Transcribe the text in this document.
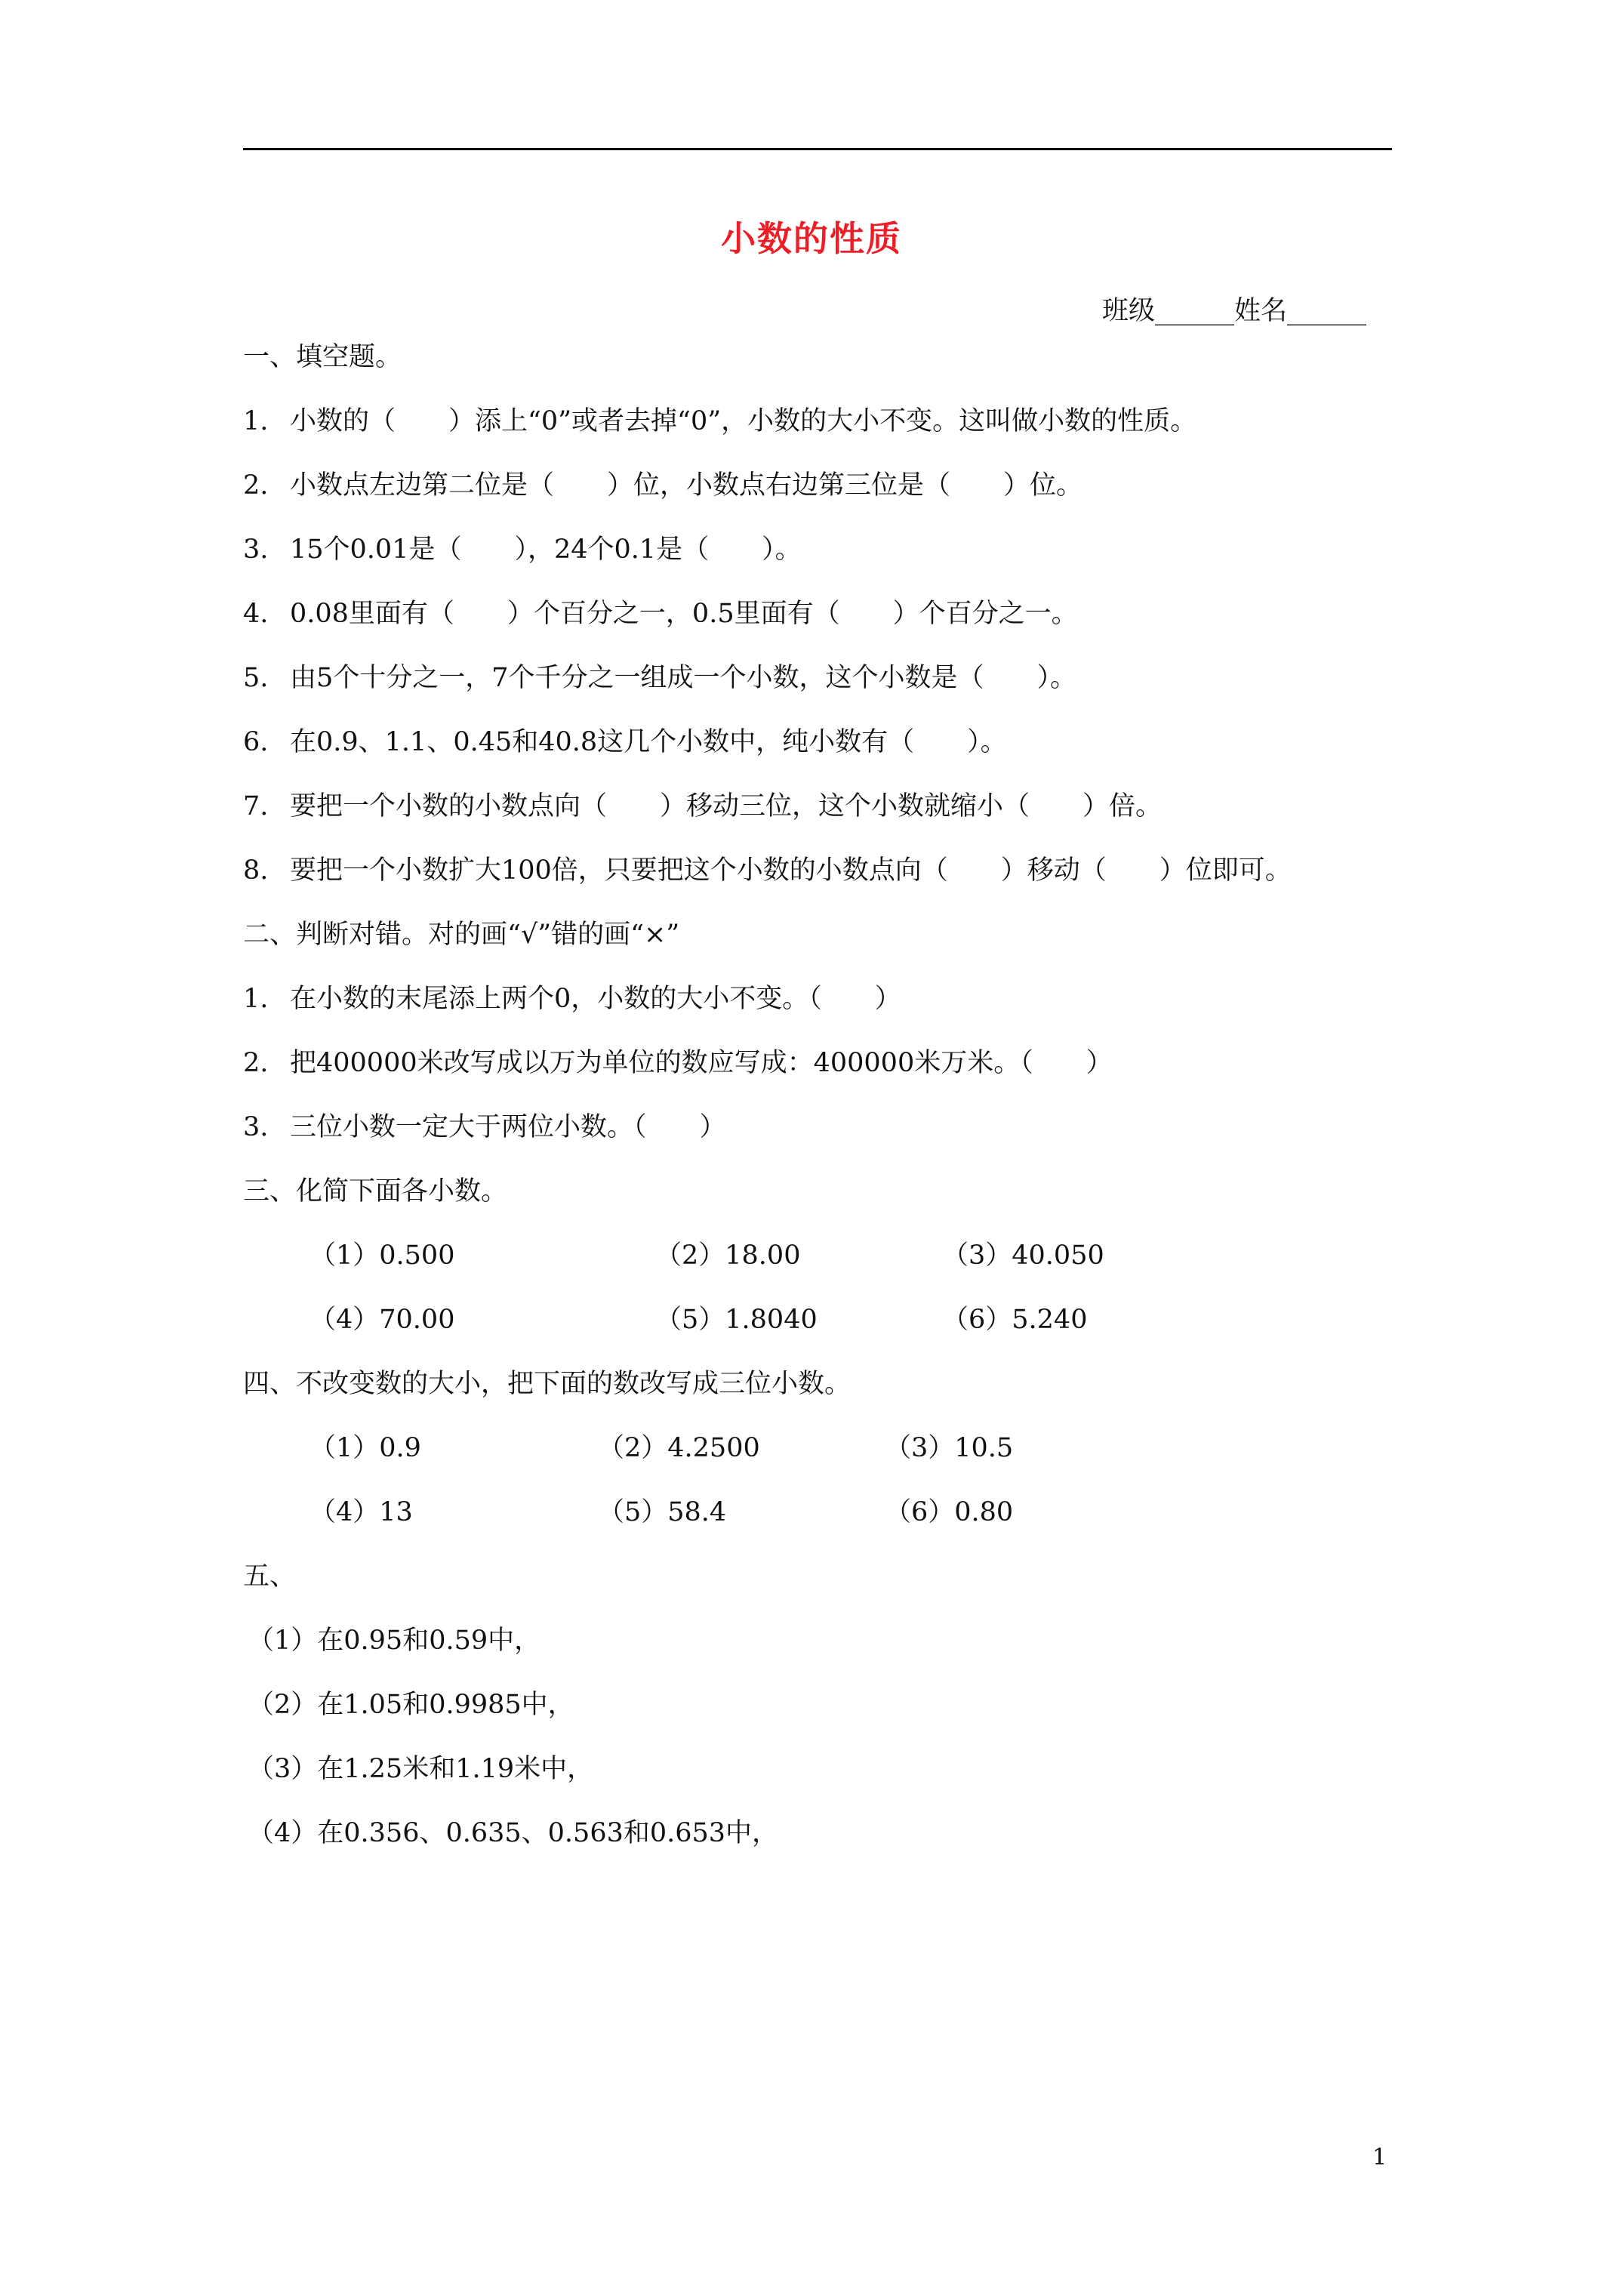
小数的性质
班级______姓名______
一、填空题。
1. 小数的（　　）添上“0”或者去掉“0”，小数的大小不变。这叫做小数的性质。
2. 小数点左边第二位是（　　）位，小数点右边第三位是（　　）位。
3. 15个0.01是（　　），24个0.1是（　　）。
4. 0.08里面有（　　）个百分之一，0.5里面有（　　）个百分之一。
5. 由5个十分之一，7个千分之一组成一个小数，这个小数是（　　）。
6. 在0.9、1.1、0.45和40.8这几个小数中，纯小数有（　　）。
7. 要把一个小数的小数点向（　　）移动三位，这个小数就缩小（　　）倍。
8. 要把一个小数扩大100倍，只要把这个小数的小数点向（　　）移动（　　）位即可。
二、判断对错。对的画“√”错的画“×”
1. 在小数的末尾添上两个0，小数的大小不变。（　　）
2. 把400000米改写成以万为单位的数应写成：400000米万米。（　　）
3. 三位小数一定大于两位小数。（　　）
三、化简下面各小数。
（1）0.500	（2）18.00	（3）40.050
（4）70.00	（5）1.8040	（6）5.240
四、不改变数的大小，把下面的数改写成三位小数。
（1）0.9	（2）4.2500	（3）10.5
（4）13	（5）58.4	（6）0.80
五、
（1）在0.95和0.59中，
（2）在1.05和0.9985中，
（3）在1.25米和1.19米中，
（4）在0.356、0.635、0.563和0.653中，
1
